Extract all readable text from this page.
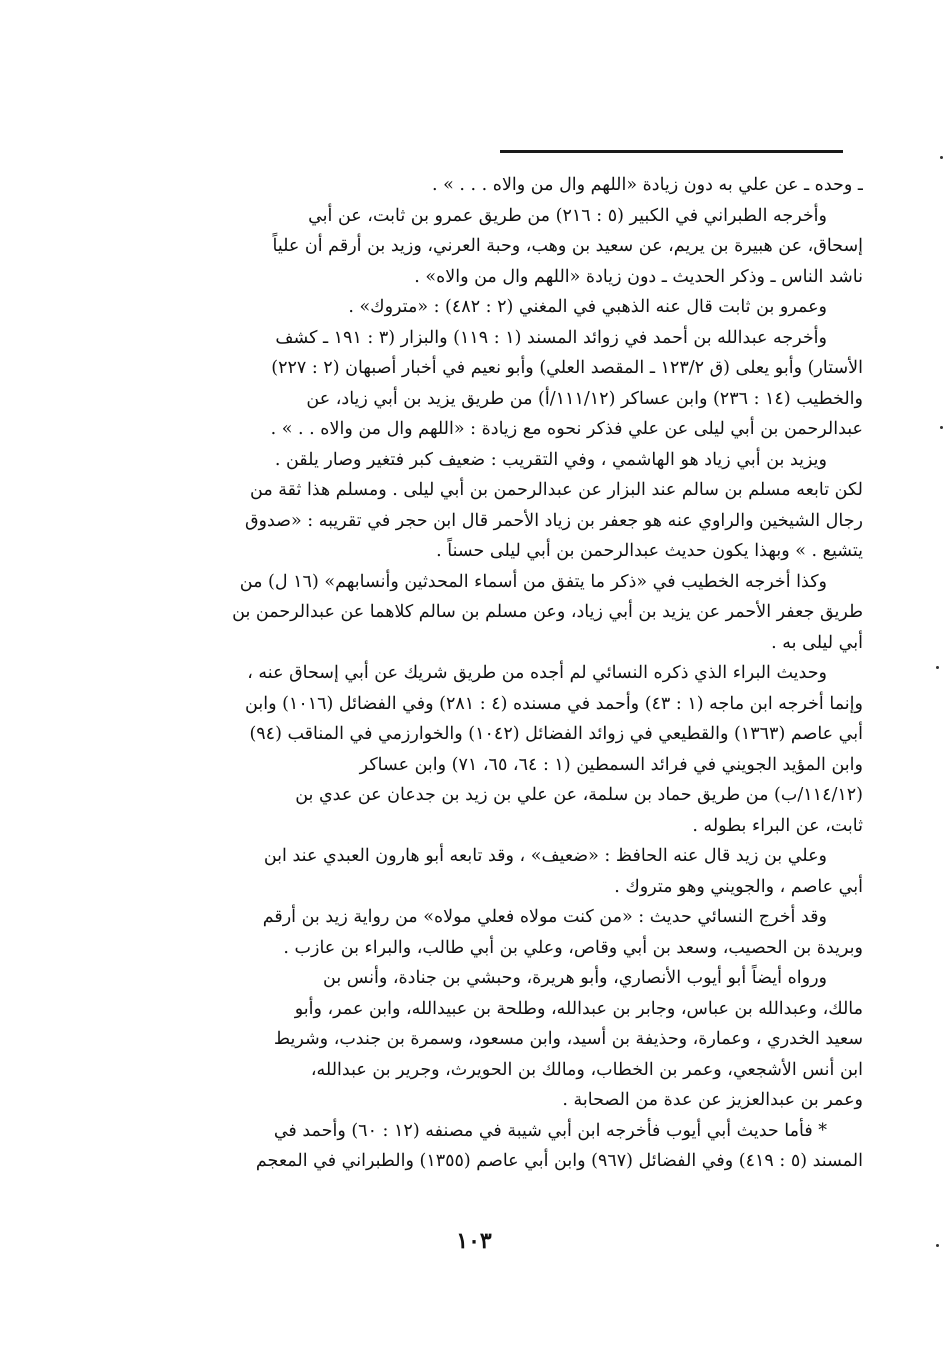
ـ وحده ـ عن علي به دون زيادة «اللهم وال من والاه . . . » .
وأخرجه الطبراني في الكبير (٥ : ٢١٦) من طريق عمرو بن ثابت، عن أبي
إسحاق، عن هبيرة بن يريم، عن سعيد بن وهب، وحبة العرني، وزيد بن أرقم أن علياً
ناشد الناس ـ وذكر الحديث ـ دون زيادة «اللهم وال من والاه» .
وعمرو بن ثابت قال عنه الذهبي في المغني (٢ : ٤٨٢) : «متروك» .
وأخرجه عبدالله بن أحمد في زوائد المسند (١ : ١١٩) والبزار (٣ : ١٩١ ـ كشف
الأستار) وأبو يعلى (ق ١٢٣/٢ ـ المقصد العلي) وأبو نعيم في أخبار أصبهان (٢ : ٢٢٧)
والخطيب (١٤ : ٢٣٦) وابن عساكر (١١١/١٢/أ) من طريق يزيد بن أبي زياد، عن
عبدالرحمن بن أبي ليلى عن علي فذكر نحوه مع زيادة : «اللهم وال من والاه . . » .
ويزيد بن أبي زياد هو الهاشمي ، وفي التقريب : ضعيف كبر فتغير وصار يلقن .
لكن تابعه مسلم بن سالم عند البزار عن عبدالرحمن بن أبي ليلى . ومسلم هذا ثقة من
رجال الشيخين والراوي عنه هو جعفر بن زياد الأحمر قال ابن حجر في تقريبه : «صدوق
يتشيع . » وبهذا يكون حديث عبدالرحمن بن أبي ليلى حسناً .
وكذا أخرجه الخطيب في «ذكر ما يتفق من أسماء المحدثين وأنسابهم» (١٦ ل) من
طريق جعفر الأحمر عن يزيد بن أبي زياد، وعن مسلم بن سالم كلاهما عن عبدالرحمن بن
أبي ليلى به .
وحديث البراء الذي ذكره النسائي لم أجده من طريق شريك عن أبي إسحاق عنه ،
وإنما أخرجه ابن ماجه (١ : ٤٣) وأحمد في مسنده (٤ : ٢٨١) وفي الفضائل (١٠١٦) وابن
أبي عاصم (١٣٦٣) والقطيعي في زوائد الفضائل (١٠٤٢) والخوارزمي في المناقب (٩٤)
وابن المؤيد الجويني في فرائد السمطين (١ : ٦٤، ٦٥، ٧١) وابن عساكر
(١١٤/١٢/ب) من طريق حماد بن سلمة، عن علي بن زيد بن جدعان عن عدي بن
ثابت، عن البراء بطوله .
وعلي بن زيد قال عنه الحافظ : «ضعيف» ، وقد تابعه أبو هارون العبدي عند ابن
أبي عاصم ، والجويني وهو متروك .
وقد أخرج النسائي حديث : «من كنت مولاه فعلي مولاه» من رواية زيد بن أرقم
وبريدة بن الحصيب، وسعد بن أبي وقاص، وعلي بن أبي طالب، والبراء بن عازب .
ورواه أيضاً أبو أيوب الأنصاري، وأبو هريرة، وحبشي بن جنادة، وأنس بن
مالك، وعبدالله بن عباس، وجابر بن عبدالله، وطلحة بن عبيدالله، وابن عمر، وأبو
سعيد الخدري ، وعمارة، وحذيفة بن أسيد، وابن مسعود، وسمرة بن جندب، وشريط
ابن أنس الأشجعي، وعمر بن الخطاب، ومالك بن الحويرث، وجرير بن عبدالله،
وعمر بن عبدالعزيز عن عدة من الصحابة .
* فأما حديث أبي أيوب فأخرجه ابن أبي شيبة في مصنفه (١٢ : ٦٠) وأحمد في
المسند (٥ : ٤١٩) وفي الفضائل (٩٦٧) وابن أبي عاصم (١٣٥٥) والطبراني في المعجم
١٠٣
